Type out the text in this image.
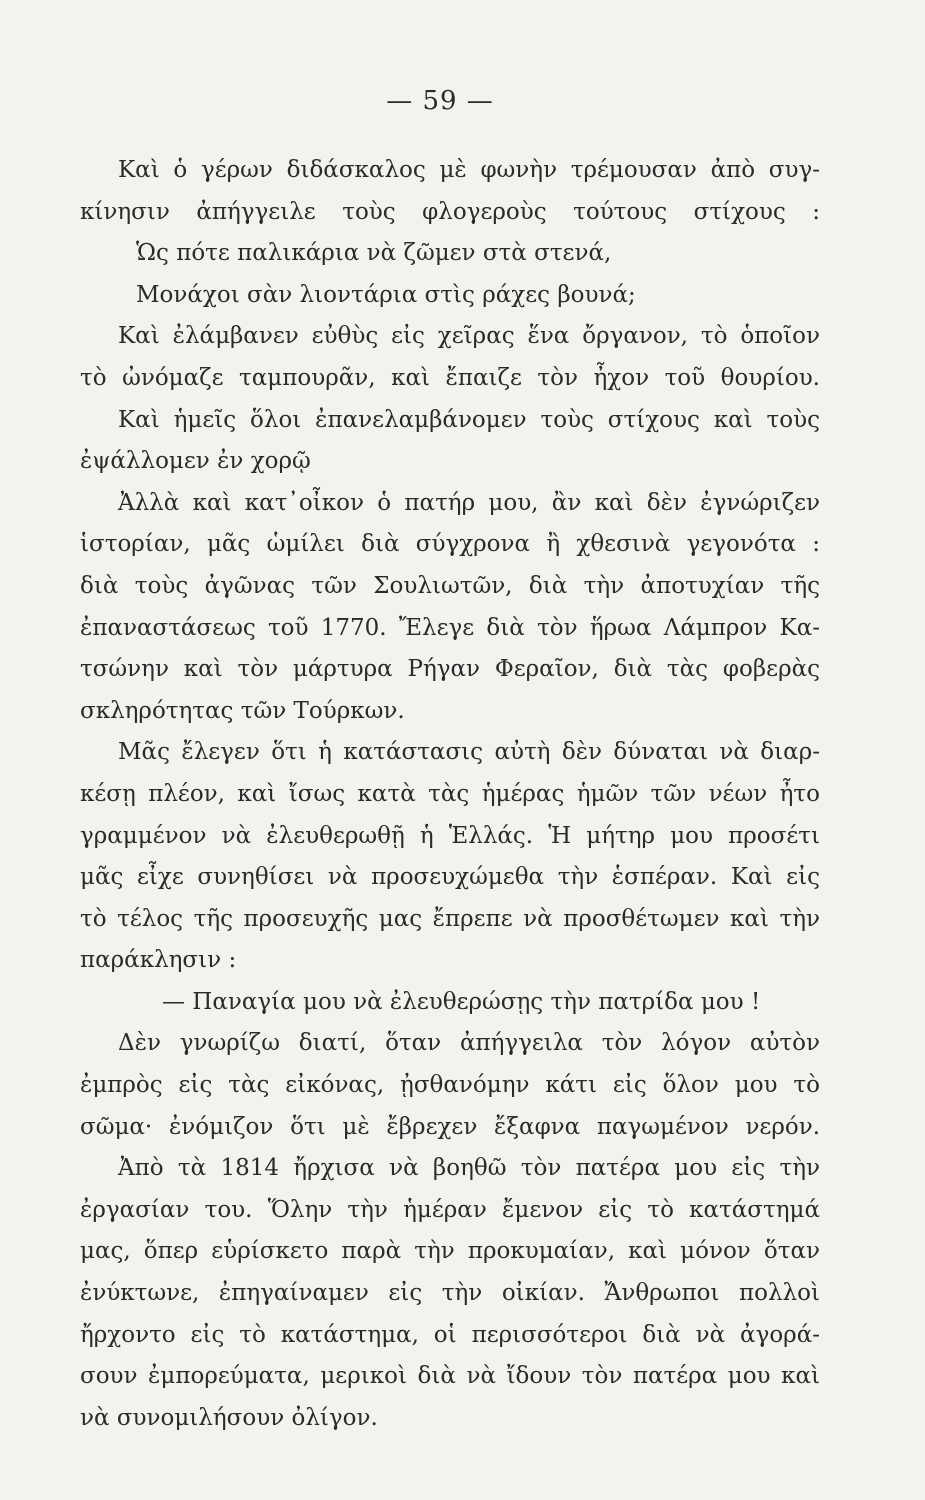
— 59 —
Καὶ ὁ γέρων διδάσκαλος μὲ φωνὴν τρέμουσαν ἀπὸ συγ-
κίνησιν ἀπήγγειλε τοὺς φλογεροὺς τούτους στίχους :
Ὡς πότε παλικάρια νὰ ζῶμεν στὰ στενά,
Μονάχοι σὰν λιοντάρια στὶς ράχες βουνά;
Καὶ ἐλάμβανεν εὐθὺς εἰς χεῖρας ἕνα ὄργανον, τὸ ὁποῖον
τὸ ὠνόμαζε ταμπουρᾶν, καὶ ἔπαιζε τὸν ἦχον τοῦ θουρίου.
Καὶ ἡμεῖς ὅλοι ἐπανελαμβάνομεν τοὺς στίχους καὶ τοὺς
ἐψάλλομεν ἐν χορῷ
Ἀλλὰ καὶ κατ᾽οἶκον ὁ πατήρ μου, ἂν καὶ δὲν ἐγνώριζεν
ἱστορίαν, μᾶς ὡμίλει διὰ σύγχρονα ἢ χθεσινὰ γεγονότα :
διὰ τοὺς ἀγῶνας τῶν Σουλιωτῶν, διὰ τὴν ἀποτυχίαν τῆς
ἐπαναστάσεως τοῦ 1770. Ἔλεγε διὰ τὸν ἥρωα Λάμπρον Κα-
τσώνην καὶ τὸν μάρτυρα Ρήγαν Φεραῖον, διὰ τὰς φοβερὰς
σκληρότητας τῶν Τούρκων.
Μᾶς ἔλεγεν ὅτι ἡ κατάστασις αὐτὴ δὲν δύναται νὰ διαρ-
κέσῃ πλέον, καὶ ἴσως κατὰ τὰς ἡμέρας ἡμῶν τῶν νέων ἦτο
γραμμένον νὰ ἐλευθερωθῇ ἡ Ἑλλάς. Ἡ μήτηρ μου προσέτι
μᾶς εἶχε συνηθίσει νὰ προσευχώμεθα τὴν ἑσπέραν. Καὶ εἰς
τὸ τέλος τῆς προσευχῆς μας ἔπρεπε νὰ προσθέτωμεν καὶ τὴν
παράκλησιν :
— Παναγία μου νὰ ἐλευθερώσῃς τὴν πατρίδα μου !
Δὲν γνωρίζω διατί, ὅταν ἀπήγγειλα τὸν λόγον αὐτὸν
ἐμπρὸς εἰς τὰς εἰκόνας, ᾐσθανόμην κάτι εἰς ὅλον μου τὸ
σῶμα· ἐνόμιζον ὅτι μὲ ἔβρεχεν ἔξαφνα παγωμένον νερόν.
Ἀπὸ τὰ 1814 ἤρχισα νὰ βοηθῶ τὸν πατέρα μου εἰς τὴν
ἐργασίαν του. Ὅλην τὴν ἡμέραν ἔμενον εἰς τὸ κατάστημά
μας, ὅπερ εὑρίσκετο παρὰ τὴν προκυμαίαν, καὶ μόνον ὅταν
ἐνύκτωνε, ἐπηγαίναμεν εἰς τὴν οἰκίαν. Ἄνθρωποι πολλοὶ
ἤρχοντο εἰς τὸ κατάστημα, οἱ περισσότεροι διὰ νὰ ἀγορά-
σουν ἐμπορεύματα, μερικοὶ διὰ νὰ ἴδουν τὸν πατέρα μου καὶ
νὰ συνομιλήσουν ὀλίγον.
